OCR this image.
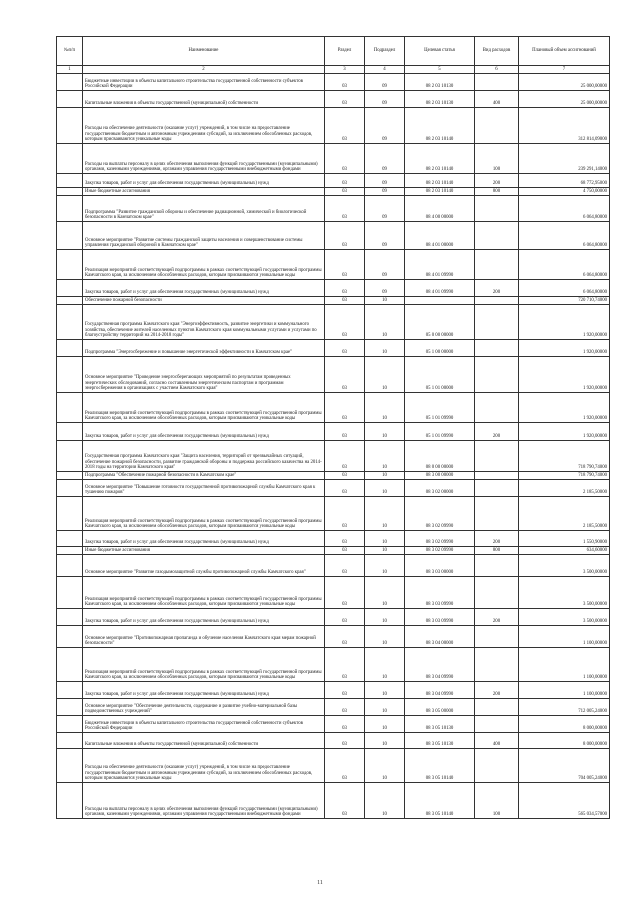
№п/п	Наименование	Раздел	Подраздел	Целевая статья	Вид расходов	Плановый объем ассигнований
1	2	3	4	5	6	7
	Бюджетные инвестиции в объекты капитального строительства государственной собственности субъектов Российской Федерации	03	09	08 2 03 10130		25 000,00000
	Капитальные вложения в объекты государственной (муниципальной) собственности	03	09	08 2 03 10130	400	25 000,00000
	Расходы на обеспечение деятельности (оказание услуг) учреждений, в том числе на предоставление государственным бюджетным и автономным учреждениям субсидий, за исключением обособленных расходов, которым присваиваются уникальные коды	03	09	08 2 03 10140		312 814,09000
	Расходы на выплаты персоналу в целях обеспечения выполнения функций государственными (муниципальными) органами, казенными учреждениями, органами управления государственными внебюджетными фондами	03	09	08 2 03 10140	100	239 291,14000
	Закупка товаров, работ и услуг для обеспечения государственных (муниципальных) нужд	03	09	08 2 03 10140	200	68 772,95000
	Иные бюджетные ассигнования	03	09	08 2 03 10140	800	4 750,00000
	Подпрограмма "Развитие гражданской обороны и обеспечение радиационной, химической и биологической безопасности в Камчатском крае"	03	09	08 4 00 00000		6 064,80000
	Основное мероприятие "Развитие системы гражданской защиты населения и совершенствование системы управления гражданской обороной в Камчатском крае"	03	09	08 4 01 00000		6 064,80000
	Реализация мероприятий соответствующей подпрограммы в рамках соответствующей государственной программы Камчатского края, за исключением обособленных расходов, которым присваиваются уникальные коды	03	09	08 4 01 09990		6 064,80000
	Закупка товаров, работ и услуг для обеспечения государственных (муниципальных) нужд	03	09	08 4 01 09990	200	6 064,80000
	Обеспечение пожарной безопасности	03	10			720 710,74000
	Государственная программа Камчатского края "Энергоэффективность, развитие энергетики и коммунального хозяйства, обеспечение жителей населенных пунктов Камчатского края коммунальными услугами и услугами по благоустройству территорий на 2014-2018 годы"	03	10	05 0 00 00000		1 920,00000
	Подпрограмма "Энергосбережение и повышение энергетической эффективности в Камчатском крае"	03	10	05 1 00 00000		1 920,00000
	Основное мероприятие "Проведение энергосберегающих мероприятий по результатам проведенных энергетических обследований, согласно составленным энергетическим паспортам и программам энергосбережения в организациях с участием Камчатского края"	03	10	05 1 01 00000		1 920,00000
	Реализация мероприятий соответствующей подпрограммы в рамках соответствующей государственной программы Камчатского края, за исключением обособленных расходов, которым присваиваются уникальные коды	03	10	05 1 01 09990		1 920,00000
	Закупка товаров, работ и услуг для обеспечения государственных (муниципальных) нужд	03	10	05 1 01 09990	200	1 920,00000
	Государственная программа Камчатского края "Защита населения, территорий от чрезвычайных ситуаций, обеспечение пожарной безопасности, развитие гражданской обороны и поддержка российского казачества на 2014-2018 годы на территории Камчатского края"	03	10	08 0 00 00000		718 790,74000
	Подпрограмма "Обеспечение пожарной безопасности в Камчатском крае"	03	10	08 3 00 00000		718 790,74000
	Основное мероприятие "Повышение готовности государственной противопожарной службы Камчатского края к тушению пожаров"	03	10	08 3 02 00000		2 185,50000
	Реализация мероприятий соответствующей подпрограммы в рамках соответствующей государственной программы Камчатского края, за исключением обособленных расходов, которым присваиваются уникальные коды	03	10	08 3 02 09990		2 185,50000
	Закупка товаров, работ и услуг для обеспечения государственных (муниципальных) нужд	03	10	08 3 02 09990	200	1 550,90000
	Иные бюджетные ассигнования	03	10	08 3 02 09990	800	634,60000
	Основное мероприятие "Развитие газодымозащитной службы противопожарной службы Камчатского края"	03	10	08 3 03 00000		3 500,00000
	Реализация мероприятий соответствующей подпрограммы в рамках соответствующей государственной программы Камчатского края, за исключением обособленных расходов, которым присваиваются уникальные коды	03	10	08 3 03 09990		3 500,00000
	Закупка товаров, работ и услуг для обеспечения государственных (муниципальных) нужд	03	10	08 3 03 09990	200	3 500,00000
	Основное мероприятие "Противопожарная пропаганда и обучение населения Камчатского края мерам пожарной безопасности"	03	10	08 3 04 00000		1 100,00000
	Реализация мероприятий соответствующей подпрограммы в рамках соответствующей государственной программы Камчатского края, за исключением обособленных расходов, которым присваиваются уникальные коды	03	10	08 3 04 09990		1 100,00000
	Закупка товаров, работ и услуг для обеспечения государственных (муниципальных) нужд	03	10	08 3 04 09990	200	1 100,00000
	Основное мероприятие "Обеспечение деятельности, содержание и развитие учебно-материальной базы подведомственных учреждений"	03	10	08 3 05 00000		712 005,24000
	Бюджетные инвестиции в объекты капитального строительства государственной собственности субъектов Российской Федерации	03	10	08 3 05 10130		8 000,00000
	Капитальные вложения в объекты государственной (муниципальной) собственности	03	10	08 3 05 10130	400	8 000,00000
	Расходы на обеспечение деятельности (оказание услуг) учреждений, в том числе на предоставление государственным бюджетным и автономным учреждениям субсидий, за исключением обособленных расходов, которым присваиваются уникальные коды	03	10	08 3 05 10140		704 005,24000
	Расходы на выплаты персоналу в целях обеспечения выполнения функций государственными (муниципальными) органами, казенными учреждениями, органами управления государственными внебюджетными фондами	03	10	08 3 05 10140	100	565 034,57000
11
